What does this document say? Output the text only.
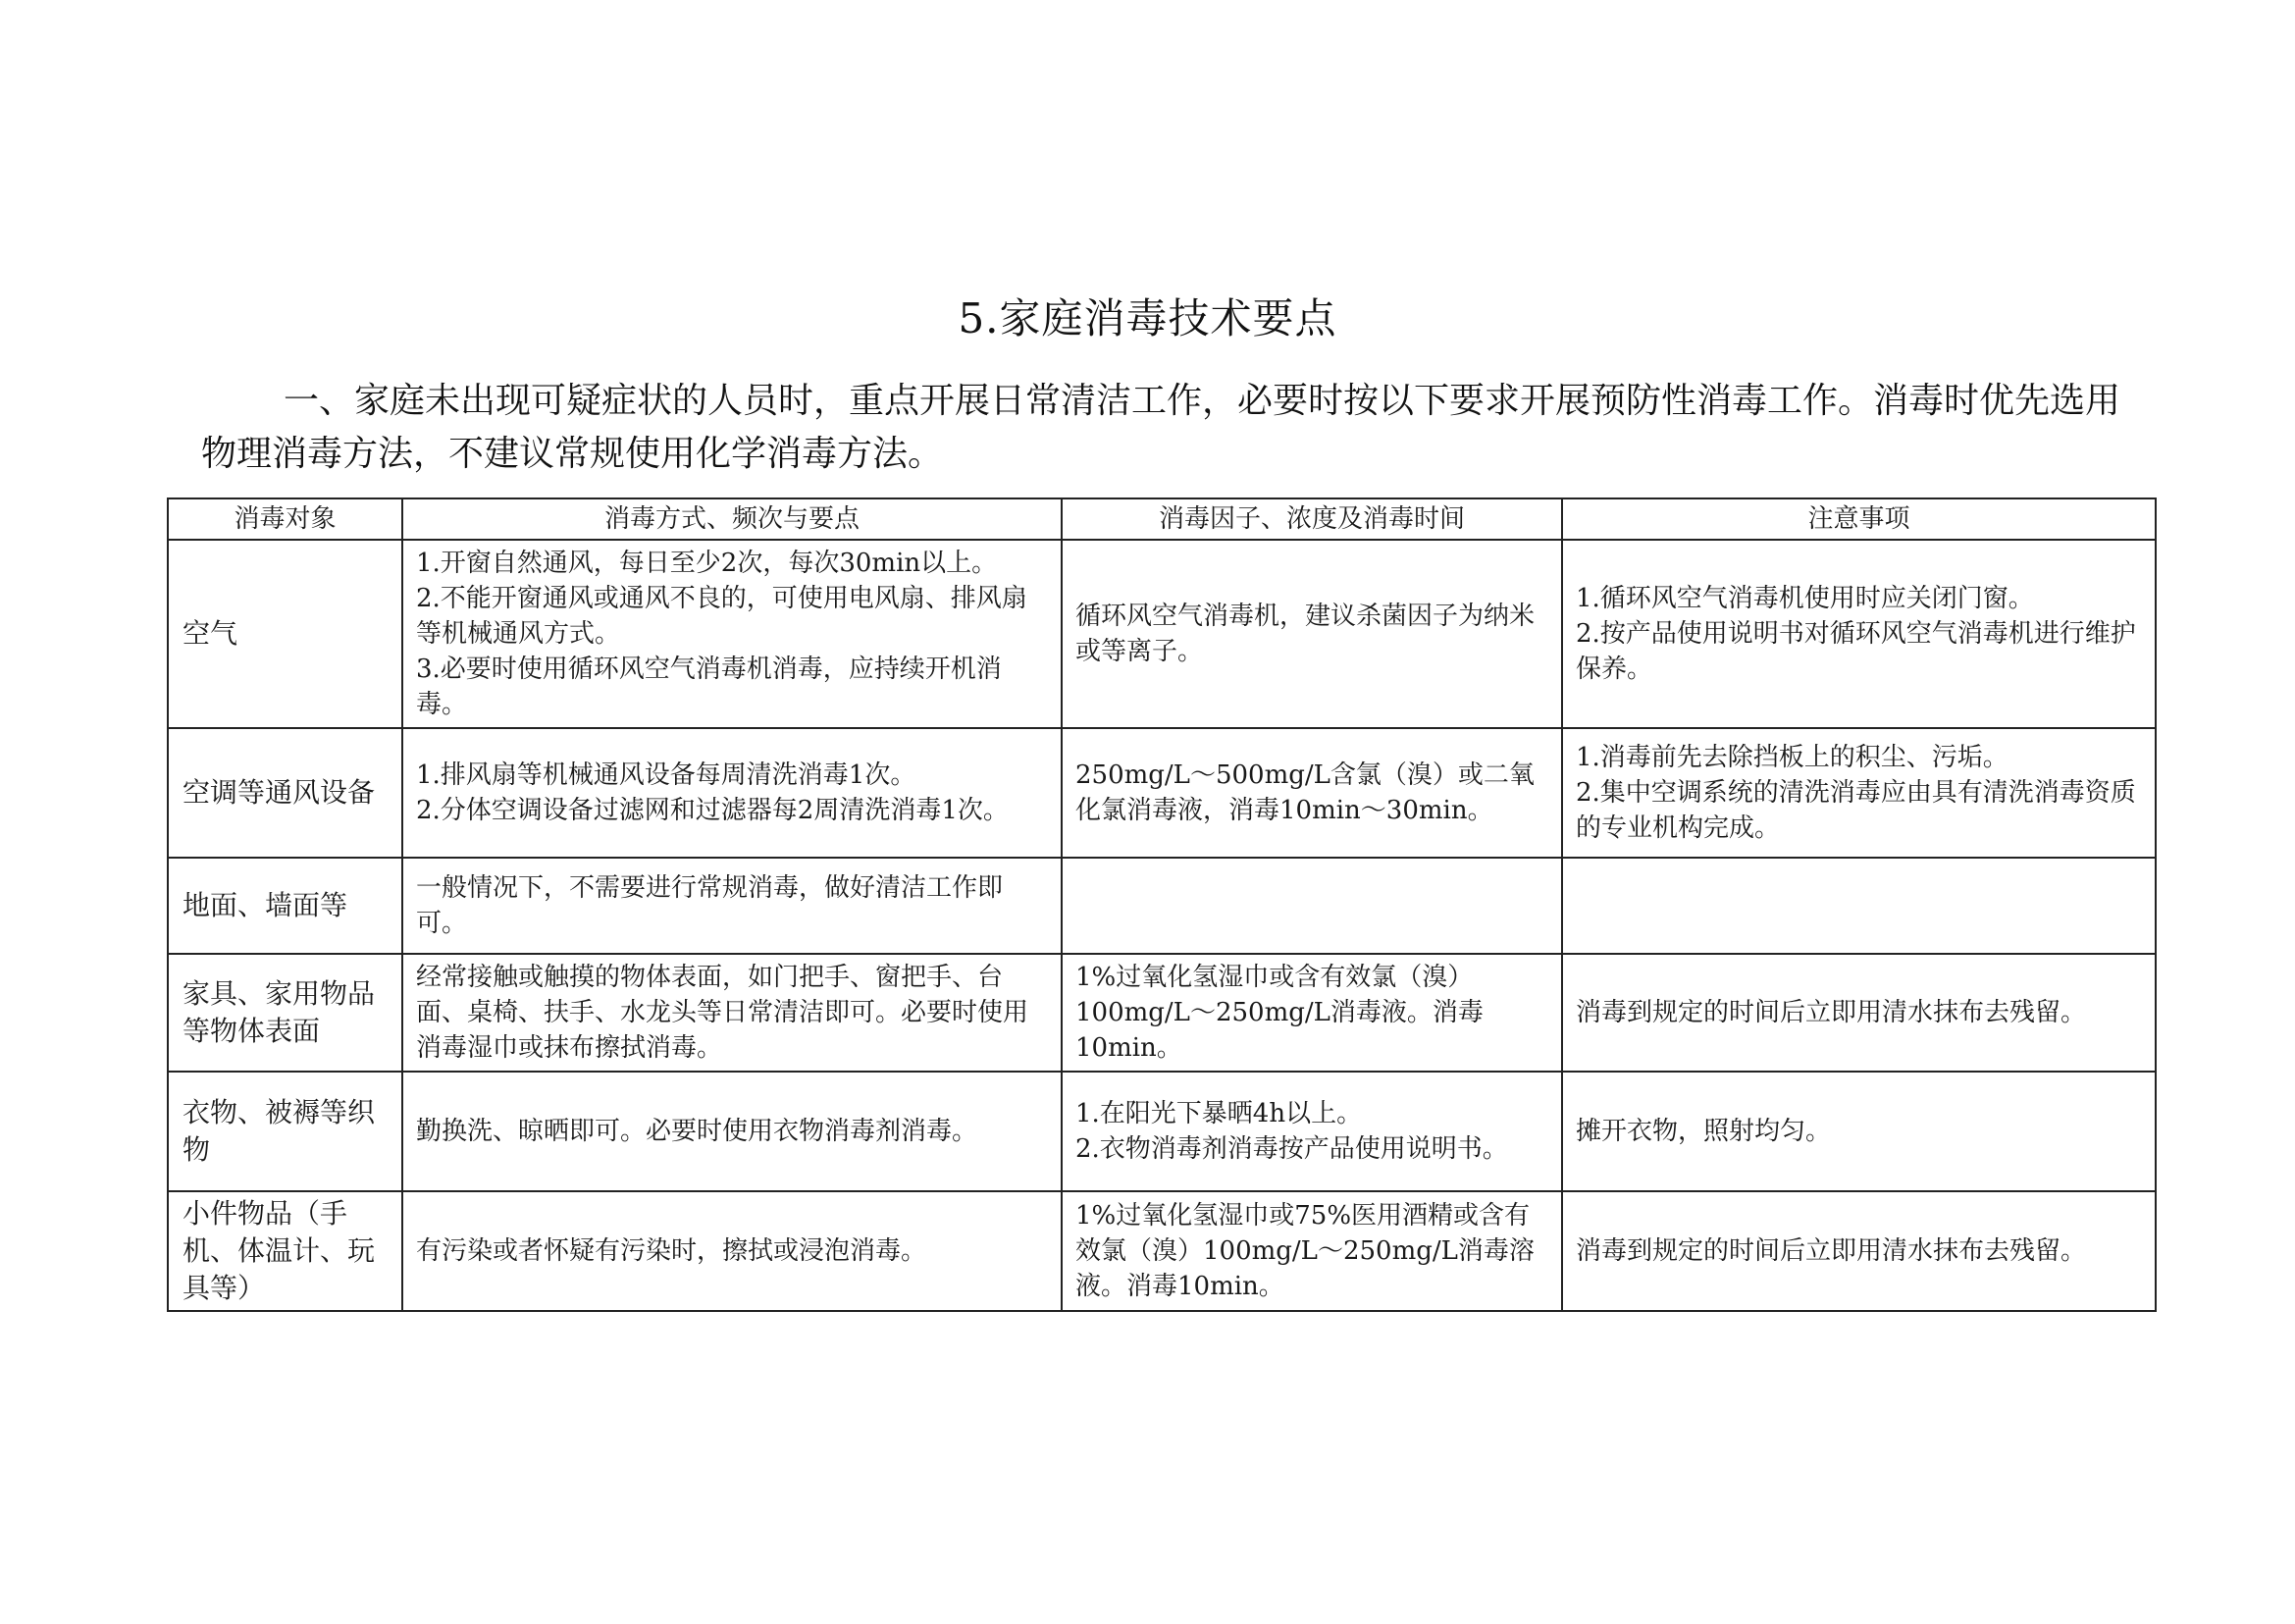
5.家庭消毒技术要点
一、家庭未出现可疑症状的人员时，重点开展日常清洁工作，必要时按以下要求开展预防性消毒工作。消毒时优先选用物理消毒方法，不建议常规使用化学消毒方法。
消毒对象	消毒方式、频次与要点	消毒因子、浓度及消毒时间	注意事项

空气	1.开窗自然通风，每日至少2次，每次30min以上。
2.不能开窗通风或通风不良的，可使用电风扇、排风扇等机械通风方式。
3.必要时使用循环风空气消毒机消毒，应持续开机消毒。	循环风空气消毒机，建议杀菌因子为纳米或等离子。	1.循环风空气消毒机使用时应关闭门窗。
2.按产品使用说明书对循环风空气消毒机进行维护保养。

空调等通风设备	1.排风扇等机械通风设备每周清洗消毒1次。
2.分体空调设备过滤网和过滤器每2周清洗消毒1次。	250mg/L～500mg/L含氯（溴）或二氧化氯消毒液，消毒10min～30min。	1.消毒前先去除挡板上的积尘、污垢。
2.集中空调系统的清洗消毒应由具有清洗消毒资质的专业机构完成。

地面、墙面等	一般情况下，不需要进行常规消毒，做好清洁工作即可。		

家具、家用物品等物体表面	经常接触或触摸的物体表面，如门把手、窗把手、台面、桌椅、扶手、水龙头等日常清洁即可。必要时使用消毒湿巾或抹布擦拭消毒。	1%过氧化氢湿巾或含有效氯（溴）100mg/L～250mg/L消毒液。消毒10min。	消毒到规定的时间后立即用清水抹布去残留。

衣物、被褥等织物	勤换洗、晾晒即可。必要时使用衣物消毒剂消毒。	1.在阳光下暴晒4h以上。
2.衣物消毒剂消毒按产品使用说明书。	摊开衣物，照射均匀。

小件物品（手机、体温计、玩具等）	有污染或者怀疑有污染时，擦拭或浸泡消毒。	1%过氧化氢湿巾或75%医用酒精或含有效氯（溴）100mg/L～250mg/L消毒溶液。消毒10min。	消毒到规定的时间后立即用清水抹布去残留。
